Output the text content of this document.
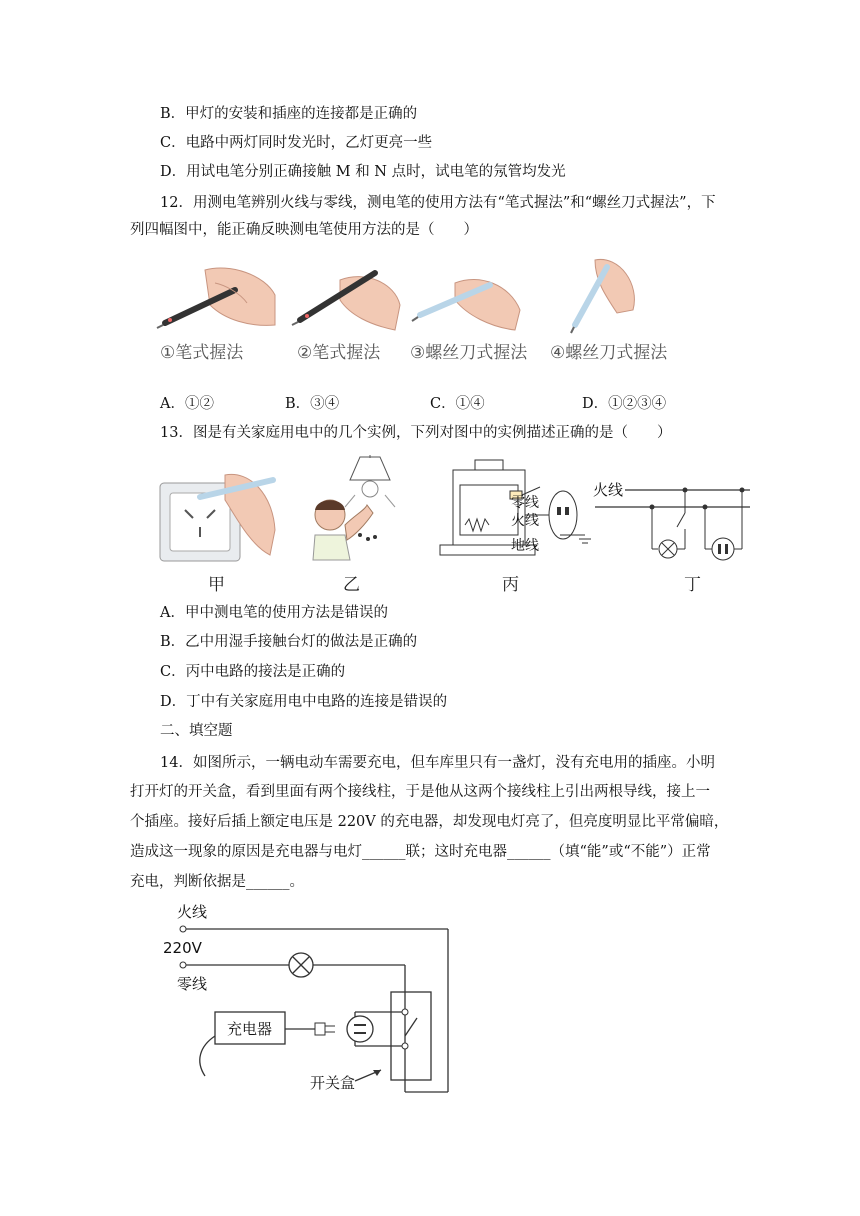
B．甲灯的安装和插座的连接都是正确的
C．电路中两灯同时发光时，乙灯更亮一些
D．用试电笔分别正确接触 M 和 N 点时，试电笔的氖管均发光
12．用测电笔辨别火线与零线，测电笔的使用方法有“笔式握法”和“螺丝刀式握法”，下
列四幅图中，能正确反映测电笔使用方法的是（　　）
①笔式握法	②笔式握法 ③螺丝刀式握法 ④螺丝刀式握法
A．①②	B．③④	C．①④	D．①②③④
13．图是有关家庭用电中的几个实例，下列对图中的实例描述正确的是（　　）
零线
火线
地线
火线
甲	乙	丙	丁
A．甲中测电笔的使用方法是错误的
B．乙中用湿手接触台灯的做法是正确的
C．丙中电路的接法是正确的
D．丁中有关家庭用电中电路的连接是错误的
二、填空题
14．如图所示，一辆电动车需要充电，但车库里只有一盏灯，没有充电用的插座。小明
打开灯的开关盒，看到里面有两个接线柱，于是他从这两个接线柱上引出两根导线，接上一
个插座。接好后插上额定电压是 220V 的充电器，却发现电灯亮了，但亮度明显比平常偏暗，
造成这一现象的原因是充电器与电灯______联；这时充电器______（填“能”或“不能”）正常
充电，判断依据是______。
火线
220V
零线
充电器
开关盒
